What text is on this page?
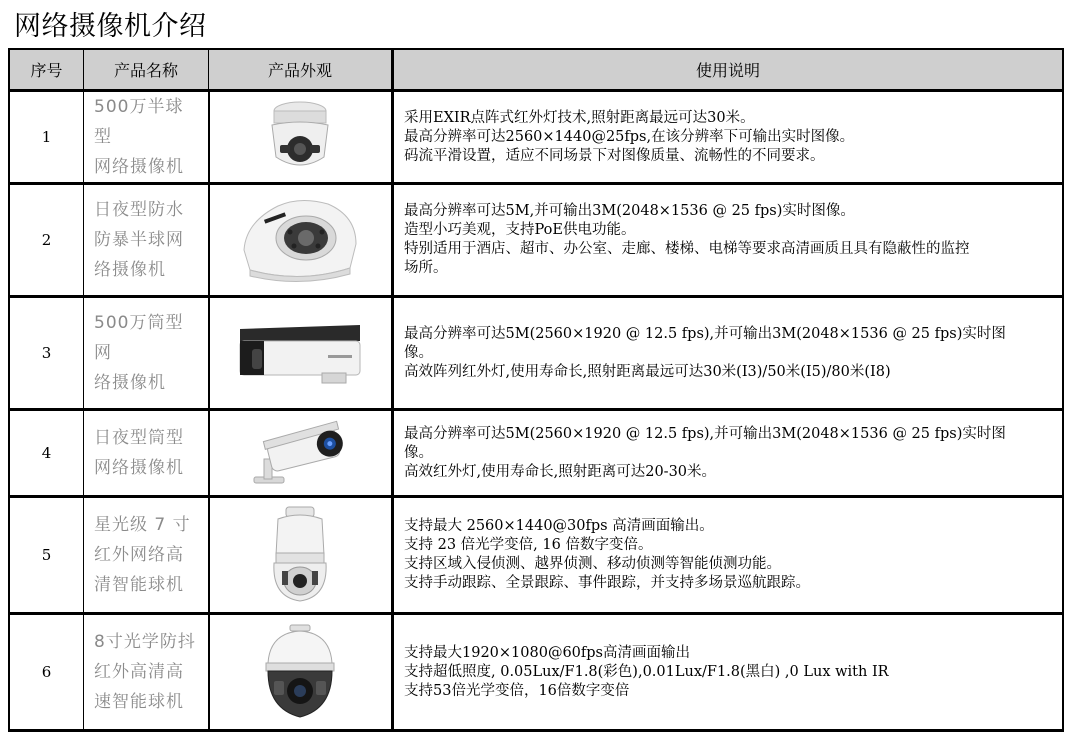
网络摄像机介绍
序号	产品名称	产品外观	使用说明
1	500万半球型
网络摄像机		采用EXIR点阵式红外灯技术,照射距离最远可达30米。
最高分辨率可达2560×1440@25fps,在该分辨率下可输出实时图像。
码流平滑设置，适应不同场景下对图像质量、流畅性的不同要求。

2	日夜型防水
防暴半球网
络摄像机		最高分辨率可达5M,并可输出3M(2048×1536 @ 25 fps)实时图像。
造型小巧美观，支持PoE供电功能。
特别适用于酒店、超市、办公室、走廊、楼梯、电梯等要求高清画质且具有隐蔽性的监控
场所。

3	500万筒型网
络摄像机		最高分辨率可达5M(2560×1920 @ 12.5 fps),并可输出3M(2048×1536 @ 25 fps)实时图
像。
高效阵列红外灯,使用寿命长,照射距离最远可达30米(I3)/50米(I5)/80米(I8)

4	日夜型筒型
网络摄像机		最高分辨率可达5M(2560×1920 @ 12.5 fps),并可输出3M(2048×1536 @ 25 fps)实时图
像。
高效红外灯,使用寿命长,照射距离可达20-30米。

5	星光级 7 寸
红外网络高
清智能球机		支持最大 2560×1440@30fps 高清画面输出。
支持 23 倍光学变倍, 16 倍数字变倍。
支持区域入侵侦测、越界侦测、移动侦测等智能侦测功能。
支持手动跟踪、全景跟踪、事件跟踪，并支持多场景巡航跟踪。

6	8寸光学防抖
红外高清高
速智能球机		支持最大1920×1080@60fps高清画面输出
支持超低照度, 0.05Lux/F1.8(彩色),0.01Lux/F1.8(黑白) ,0 Lux with IR
支持53倍光学变倍，16倍数字变倍
